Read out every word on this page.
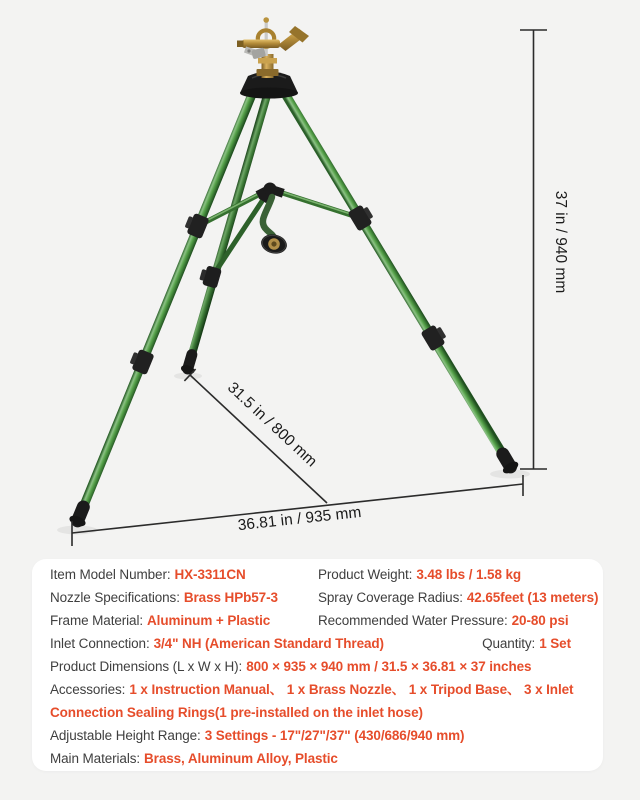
37 in / 940 mm
36.81 in / 935 mm
31.5 in / 800 mm

Item Model Number: HX-3311CN	Product Weight: 3.48 lbs / 1.58 kg

Nozzle Specifications: Brass HPb57-3	Spray Coverage Radius: 42.65feet (13 meters)

Frame Material: Aluminum + Plastic	Recommended Water Pressure: 20-80 psi

Inlet Connection: 3/4" NH (American Standard Thread)	Quantity: 1 Set

Product Dimensions (L x W x H): 800 × 935 × 940 mm / 31.5 × 36.81 × 37 inches

Accessories: 1 x Instruction Manual、 1 x Brass Nozzle、 1 x Tripod Base、 3 x Inlet Connection Sealing Rings(1 pre-installed on the inlet hose)

Adjustable Height Range: 3 Settings - 17"/27"/37" (430/686/940 mm)

Main Materials: Brass, Aluminum Alloy, Plastic
